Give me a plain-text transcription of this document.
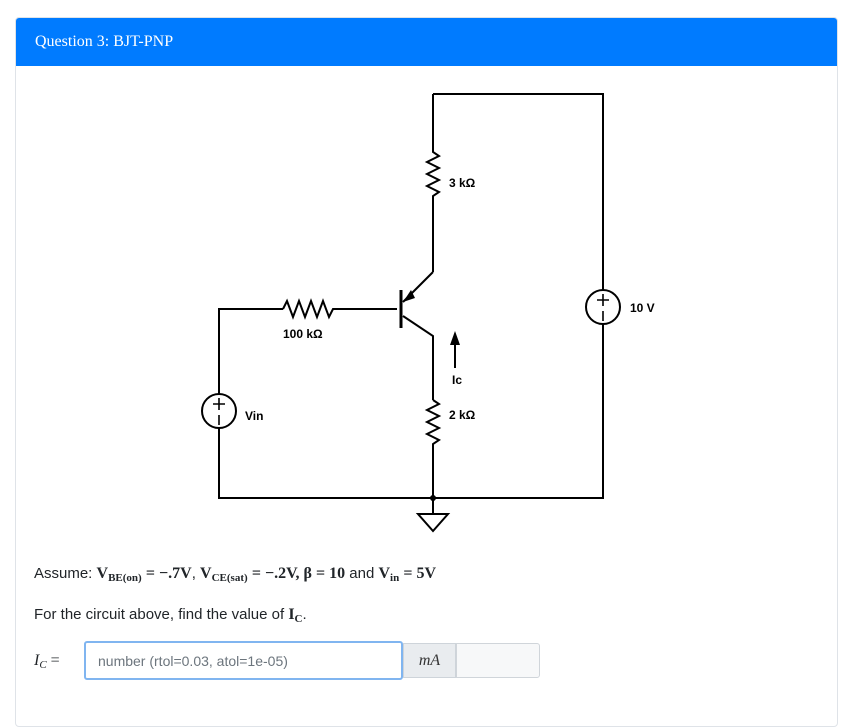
Question 3: BJT-PNP
3 kΩ
100 kΩ
Ic
2 kΩ
Vin
10 V
Assume: $V_{BE(on)} = -.7V$, $V_{CE(sat)} = -.2V$, β = 10 and $V_{in} = 5V$
For the circuit above, find the value of $I_C$.
$I_C$ =
number (rtol=0.03, atol=1e-05)	mA
